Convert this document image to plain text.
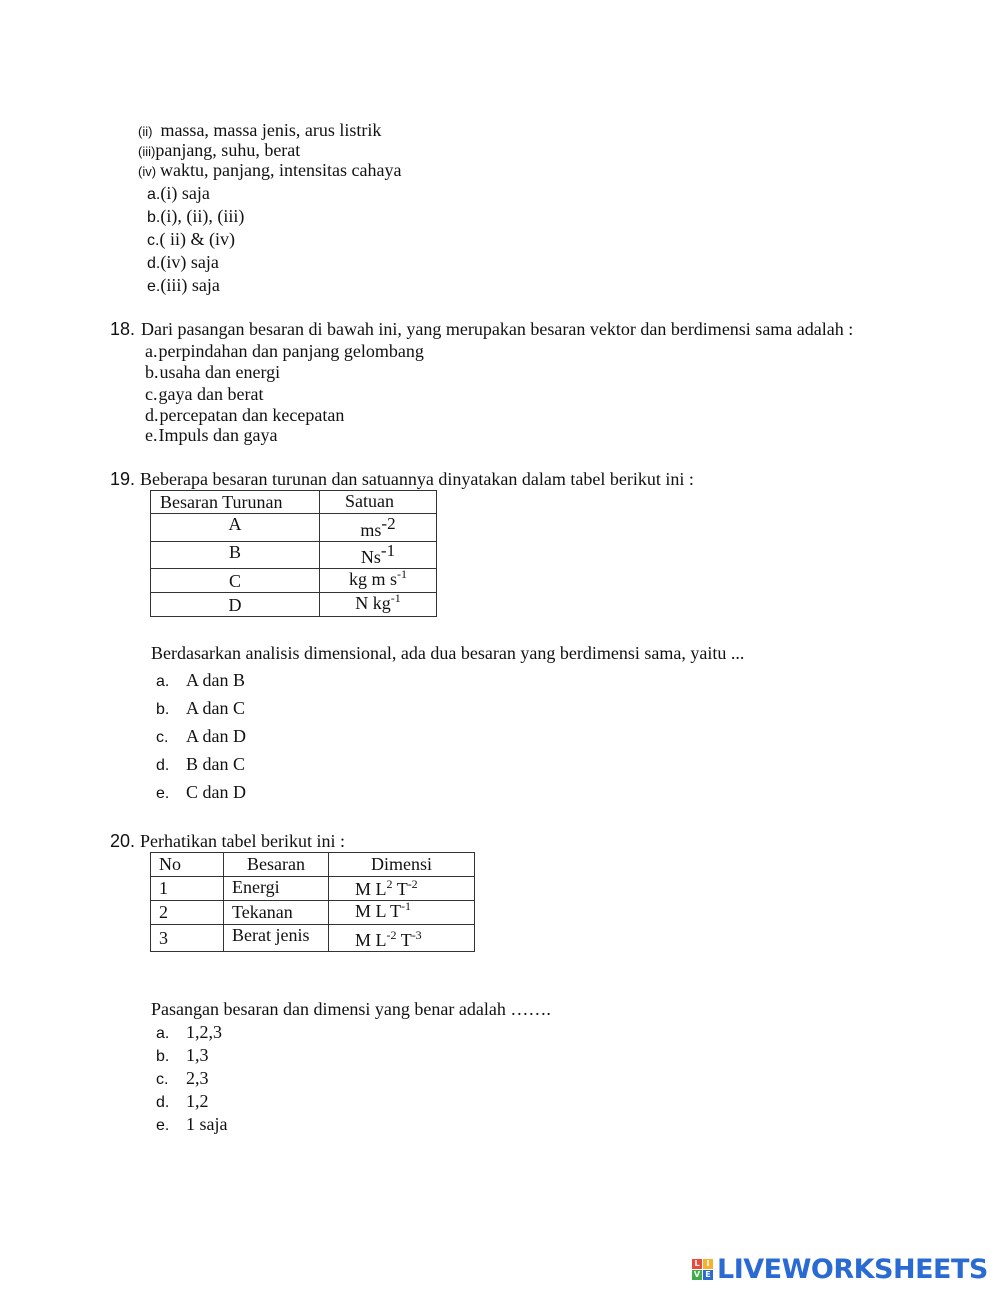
(ii) massa, massa jenis, arus listrik
(iii)panjang, suhu, berat
(iv) waktu, panjang, intensitas cahaya
a.(i) saja
b.(i), (ii), (iii)
c.( ii) & (iv)
d.(iv) saja
e.(iii) saja
18. Dari pasangan besaran di bawah ini, yang merupakan besaran vektor dan berdimensi sama adalah :
a.perpindahan dan panjang gelombang
b.usaha dan energi
c.gaya dan berat
d.percepatan dan kecepatan
e.Impuls dan gaya
19. Beberapa besaran turunan dan satuannya dinyatakan dalam tabel berikut ini :
Besaran Turunan	Satuan
A	$ms^{-2}$
B	$Ns^{-1}$
C	kg m $s^{-1}$
D	N $kg^{-1}$
Berdasarkan analisis dimensional, ada dua besaran yang berdimensi sama, yaitu ...
a. A dan B
b. A dan C
c. A dan D
d. B dan C
e. C dan D
20. Perhatikan tabel berikut ini :
No	Besaran	Dimensi
1	Energi	M $L^2$ $T^{-2}$
2	Tekanan	M L $T^{-1}$
3	Berat jenis	M $L^{-2}$ $T^{-3}$
Pasangan besaran dan dimensi yang benar adalah …….
a. 1,2,3
b. 1,3
c. 2,3
d. 1,2
e. 1 saja
L I
V E LIVEWORKSHEETS
